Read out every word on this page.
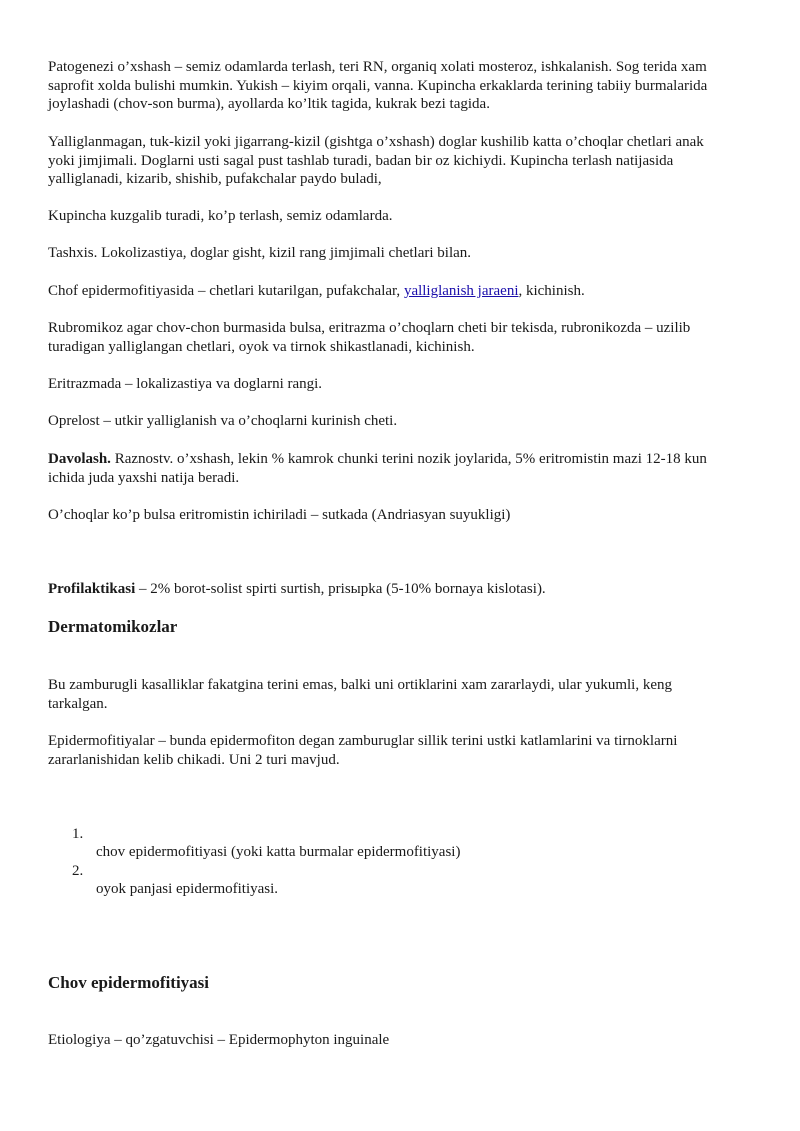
Patogenezi o’xshash – semiz odamlarda terlash, teri RN, organiq xolati mosteroz, ishkalanish. Sog terida xam saprofit xolda bulishi mumkin. Yukish – kiyim orqali, vanna. Kupincha erkaklarda terining tabiiy burmalarida joylashadi (chov-son burma), ayollarda ko’ltik tagida, kukrak bezi tagida.

Yalliglanmagan, tuk-kizil yoki jigarrang-kizil (gishtga o’xshash) doglar kushilib katta o’choqlar chetlari anak yoki jimjimali. Doglarni usti sagal pust tashlab turadi, badan bir oz kichiydi. Kupincha terlash natijasida yalliglanadi, kizarib, shishib, pufakchalar paydo buladi,

Kupincha kuzgalib turadi, ko’p terlash, semiz odamlarda.

Tashxis. Lokolizastiya, doglar gisht, kizil rang jimjimali chetlari bilan.

Chof epidermofitiyasida – chetlari kutarilgan, pufakchalar, yalliglanish jaraeni, kichinish.

Rubromikoz agar chov-chon burmasida bulsa, eritrazma o’choqlarn cheti bir tekisda, rubronikozda – uzilib turadigan yalliglangan chetlari, oyok va tirnok shikastlanadi, kichinish.

Eritrazmada – lokalizastiya va doglarni rangi.

Oprelost – utkir yalliglanish va o’choqlarni kurinish cheti.

Davolash. Raznostv. o’xshash, lekin % kamrok chunki terini nozik joylarida, 5% eritromistin mazi 12-18 kun ichida juda yaxshi natija beradi.

O’choqlar ko’p bulsa eritromistin ichiriladi – sutkada (Andriasyan suyukligi)

Profilaktikasi – 2% borot-solist spirti surtish, prisыpka (5-10% bornaya kislotasi).

Dermatomikozlar

Bu zamburugli kasalliklar fakatgina terini emas, balki uni ortiklarini xam zararlaydi, ular yukumli, keng tarkalgan.

Epidermofitiyalar – bunda epidermofiton degan zamburuglar sillik terini ustki katlamlarini va tirnoklarni zararlanishidan kelib chikadi. Uni 2 turi mavjud.

1.
chov epidermofitiyasi (yoki katta burmalar epidermofitiyasi)
2.
oyok panjasi epidermofitiyasi.
Chov epidermofitiyasi

Etiologiya – qo’zgatuvchisi – Epidermophyton inguinale
